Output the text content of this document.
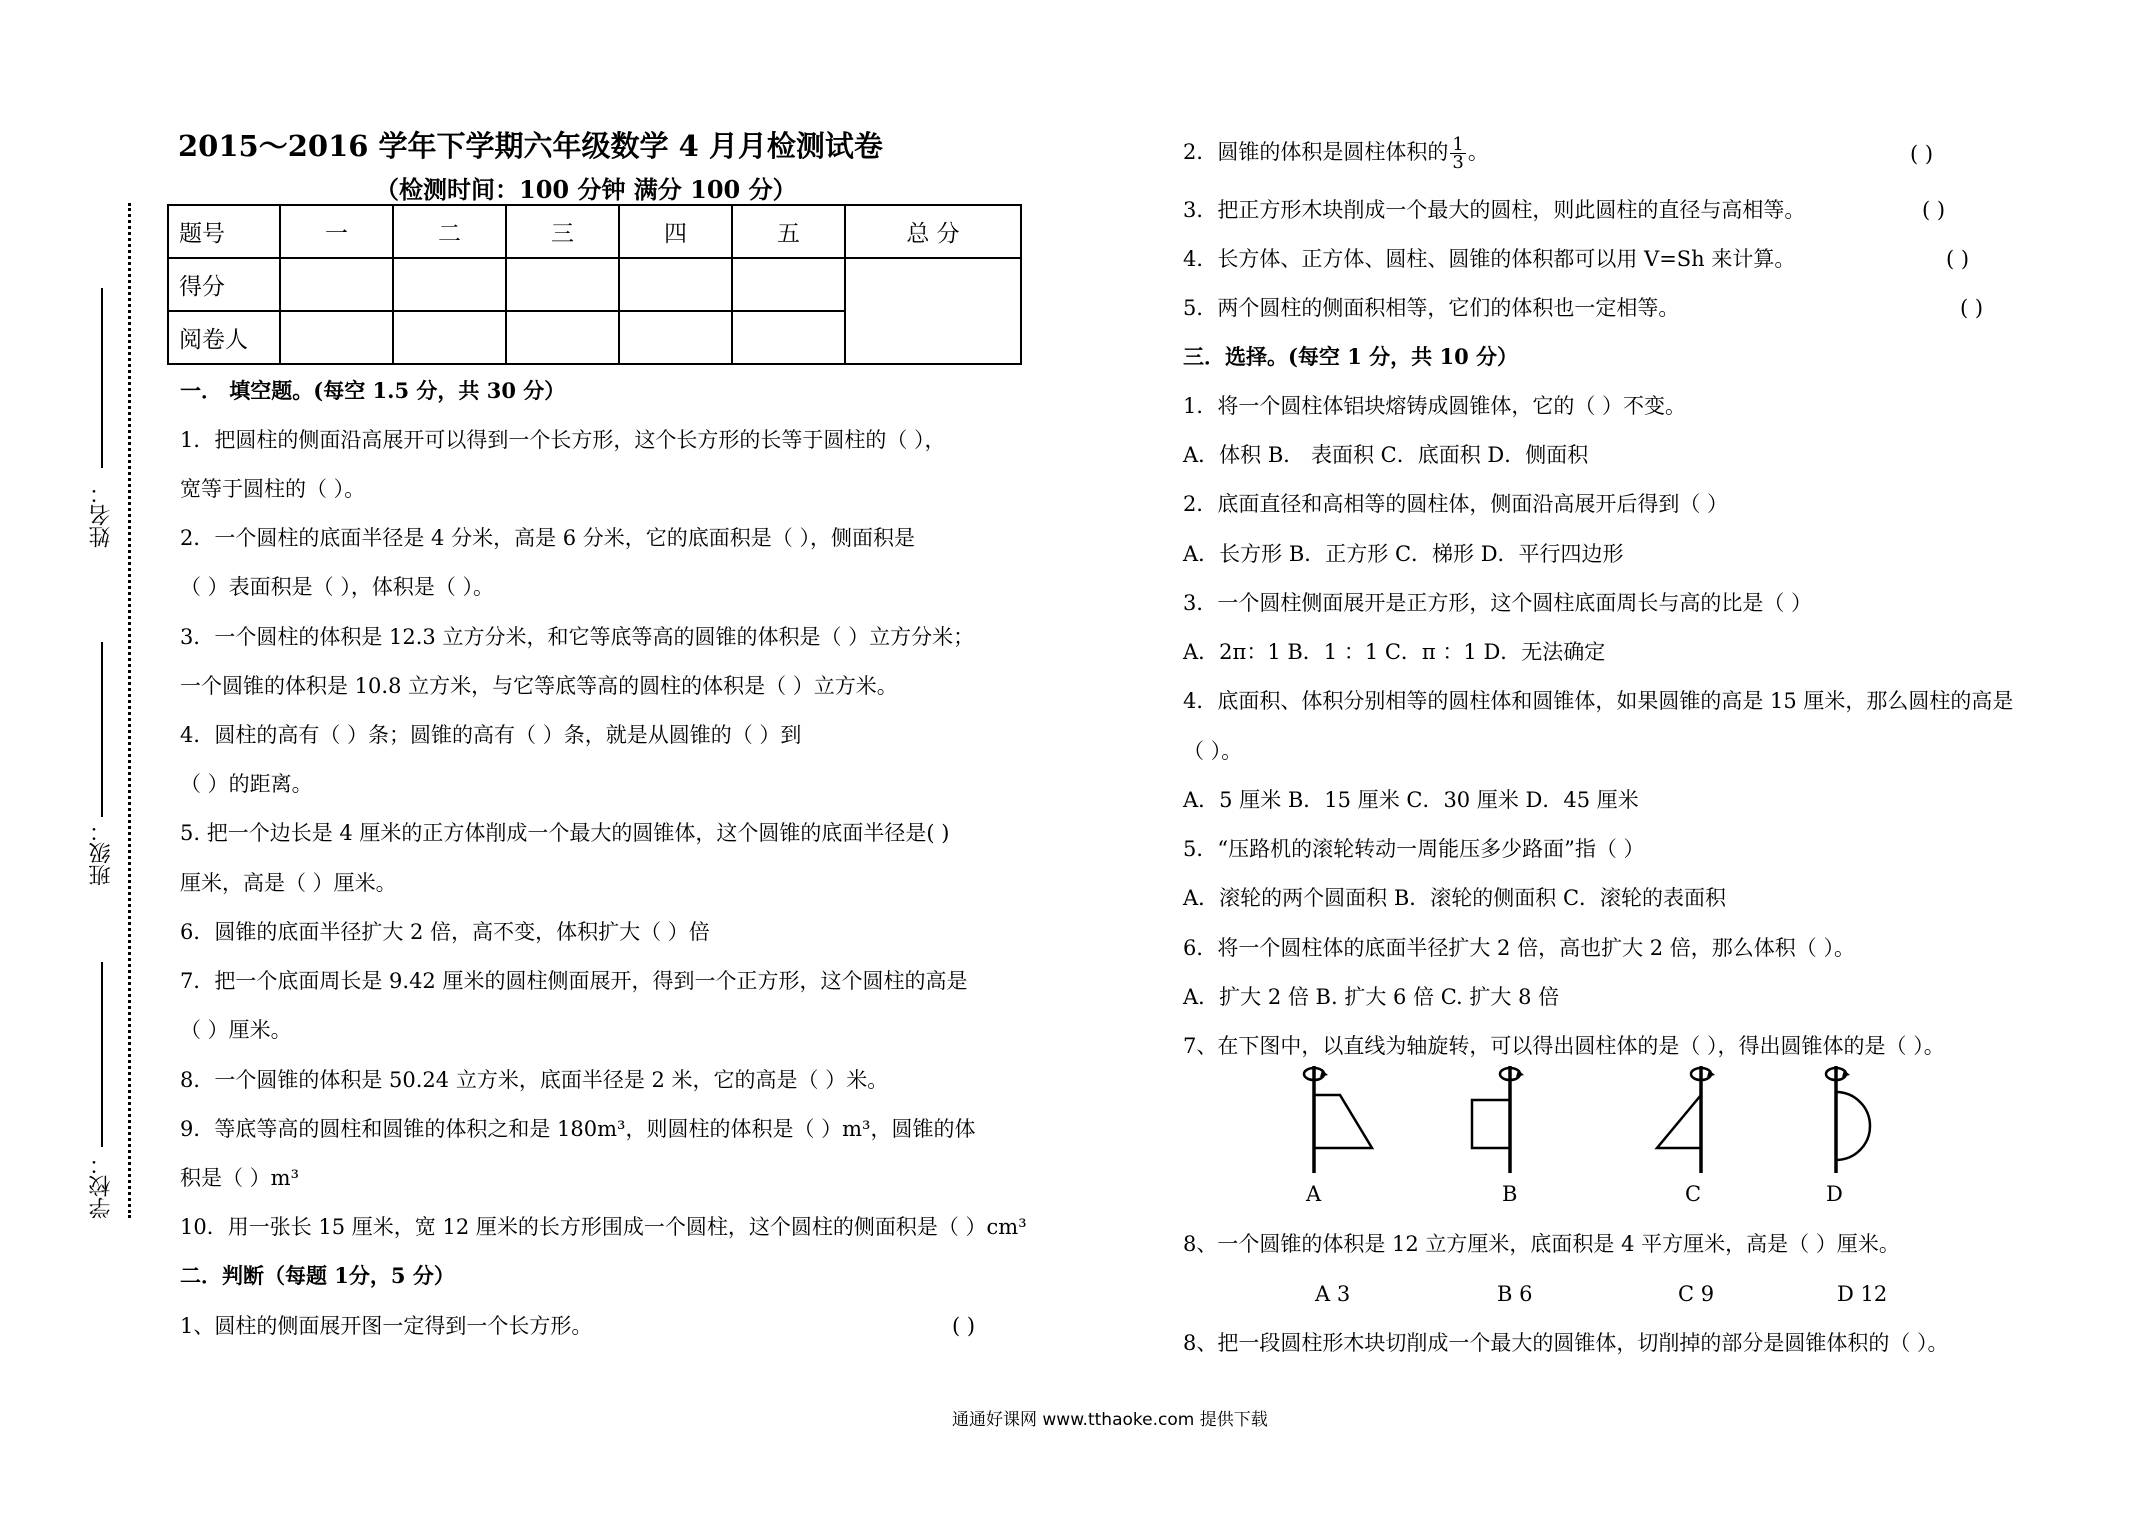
2015～2016 学年下学期六年级数学 4 月月检测试卷
（检测时间：100 分钟 满分 100 分）
题号	一	二	三	四	五	总 分
得分						
阅卷人						
姓名：
班级：
学校：
一． 填空题。(每空 1.5 分，共 30 分）
1．把圆柱的侧面沿高展开可以得到一个长方形，这个长方形的长等于圆柱的（ ），
宽等于圆柱的（ ）。
2．一个圆柱的底面半径是 4 分米，高是 6 分米，它的底面积是（ ），侧面积是
（ ）表面积是（ ），体积是（ ）。
3．一个圆柱的体积是 12.3 立方分米，和它等底等高的圆锥的体积是（ ）立方分米；
一个圆锥的体积是 10.8 立方米，与它等底等高的圆柱的体积是（ ）立方米。
4．圆柱的高有（ ）条；圆锥的高有（ ）条，就是从圆锥的（ ）到
（ ）的距离。
5. 把一个边长是 4 厘米的正方体削成一个最大的圆锥体，这个圆锥的底面半径是( )
厘米，高是（ ）厘米。
6．圆锥的底面半径扩大 2 倍，高不变，体积扩大（ ）倍
7．把一个底面周长是 9.42 厘米的圆柱侧面展开，得到一个正方形，这个圆柱的高是
（ ）厘米。
8．一个圆锥的体积是 50.24 立方米，底面半径是 2 米，它的高是（ ）米。
9．等底等高的圆柱和圆锥的体积之和是 180m³，则圆柱的体积是（ ）m³，圆锥的体
积是（ ）m³
10．用一张长 15 厘米，宽 12 厘米的长方形围成一个圆柱，这个圆柱的侧面积是（ ）cm³
二．判断（每题 1分，5 分）
1、圆柱的侧面展开图一定得到一个长方形。	( )
2．圆锥的体积是圆柱体积的 $\frac{1}{3}$ 。	( )
3．把正方形木块削成一个最大的圆柱，则此圆柱的直径与高相等。	( )
4．长方体、正方体、圆柱、圆锥的体积都可以用 V=Sh 来计算。	( )
5．两个圆柱的侧面积相等，它们的体积也一定相等。	( )
三．选择。(每空 1 分，共 10 分）
1．将一个圆柱体铝块熔铸成圆锥体，它的（ ）不变。
A．体积 B． 表面积 C．底面积 D．侧面积
2．底面直径和高相等的圆柱体，侧面沿高展开后得到（ ）
A．长方形 B．正方形 C．梯形 D．平行四边形
3．一个圆柱侧面展开是正方形，这个圆柱底面周长与高的比是（ ）
A．2π：1 B．1 ：1 C．π ：1 D．无法确定
4．底面积、体积分别相等的圆柱体和圆锥体，如果圆锥的高是 15 厘米，那么圆柱的高是
（ ）。
A．5 厘米 B．15 厘米 C．30 厘米 D．45 厘米
5．“压路机的滚轮转动一周能压多少路面”指（ ）
A．滚轮的两个圆面积 B．滚轮的侧面积 C．滚轮的表面积
6．将一个圆柱体的底面半径扩大 2 倍，高也扩大 2 倍，那么体积（ ）。
A．扩大 2 倍 B. 扩大 6 倍 C. 扩大 8 倍
7、在下图中，以直线为轴旋转，可以得出圆柱体的是（ ），得出圆锥体的是（ ）。
A	B	C	D
8、一个圆锥的体积是 12 立方厘米，底面积是 4 平方厘米，高是（ ）厘米。
A 3	B 6	C 9	D 12
8、把一段圆柱形木块切削成一个最大的圆锥体，切削掉的部分是圆锥体积的（ ）。
通通好课网 www.tthaoke.com 提供下载
